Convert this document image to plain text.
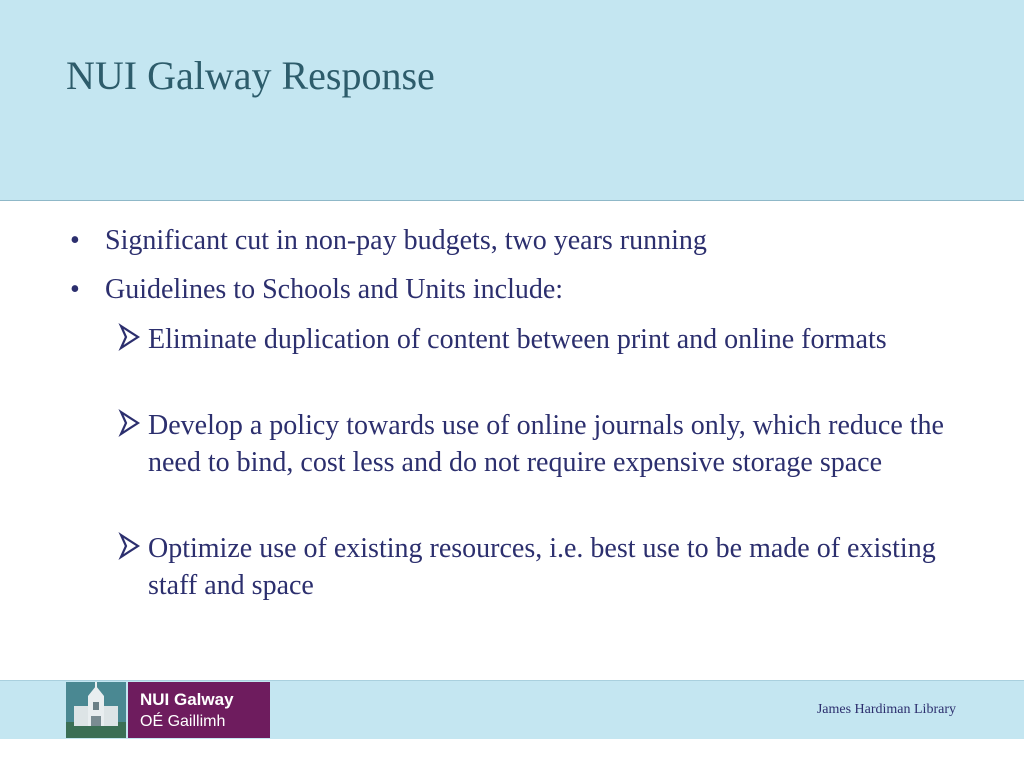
NUI Galway Response
• Significant cut in non-pay budgets, two years running
• Guidelines to Schools and Units include:
Eliminate duplication of content between print and online formats
Develop a policy towards use of online journals only, which reduce the need to bind, cost less and do not require expensive storage space
Optimize use of existing resources, i.e. best use to be made of existing staff and space
NUI Galway
OÉ Gaillimh
James Hardiman Library
